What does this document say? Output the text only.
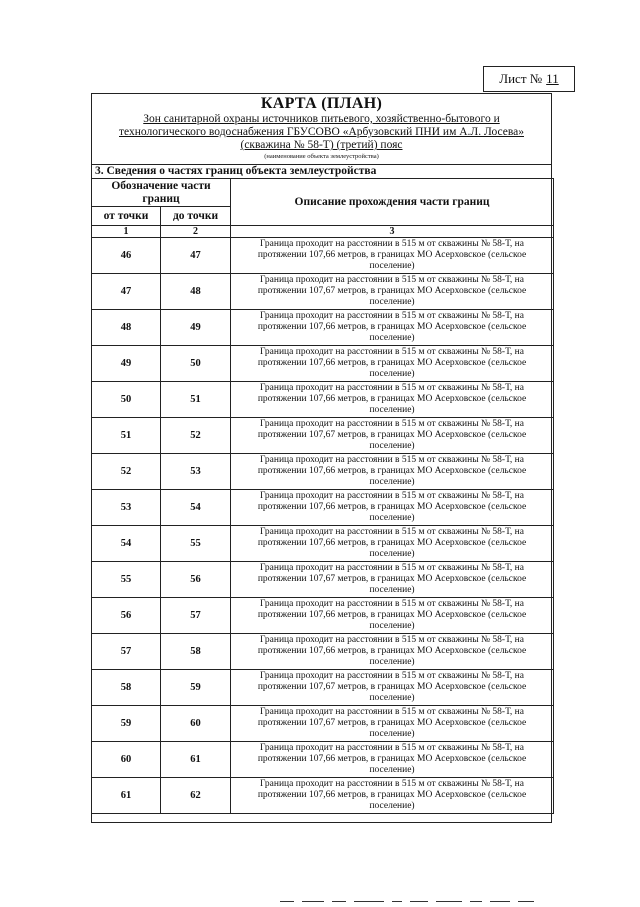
Лист № 11
КАРТА (ПЛАН)
Зон санитарной охраны источников питьевого, хозяйственно-бытового и
технологического водоснабжения ГБУСОВО «Арбузовский ПНИ им А.Л. Лосева»
(скважина № 58-Т) (третий) пояс
(наименование объекта землеустройства)
3. Сведения о частях границ объекта землеустройства
Обозначение части границ		Описание прохождения части границ
от точки	до точки	
1	2	3
46	47	Граница проходит на расстоянии в 515 м от скважины № 58-Т, на протяжении 107,66 метров, в границах МО Асерховское (сельское поселение)
47	48	Граница проходит на расстоянии в 515 м от скважины № 58-Т, на протяжении 107,67 метров, в границах МО Асерховское (сельское поселение)
48	49	Граница проходит на расстоянии в 515 м от скважины № 58-Т, на протяжении 107,66 метров, в границах МО Асерховское (сельское поселение)
49	50	Граница проходит на расстоянии в 515 м от скважины № 58-Т, на протяжении 107,66 метров, в границах МО Асерховское (сельское поселение)
50	51	Граница проходит на расстоянии в 515 м от скважины № 58-Т, на протяжении 107,66 метров, в границах МО Асерховское (сельское поселение)
51	52	Граница проходит на расстоянии в 515 м от скважины № 58-Т, на протяжении 107,67 метров, в границах МО Асерховское (сельское поселение)
52	53	Граница проходит на расстоянии в 515 м от скважины № 58-Т, на протяжении 107,66 метров, в границах МО Асерховское (сельское поселение)
53	54	Граница проходит на расстоянии в 515 м от скважины № 58-Т, на протяжении 107,66 метров, в границах МО Асерховское (сельское поселение)
54	55	Граница проходит на расстоянии в 515 м от скважины № 58-Т, на протяжении 107,66 метров, в границах МО Асерховское (сельское поселение)
55	56	Граница проходит на расстоянии в 515 м от скважины № 58-Т, на протяжении 107,67 метров, в границах МО Асерховское (сельское поселение)
56	57	Граница проходит на расстоянии в 515 м от скважины № 58-Т, на протяжении 107,66 метров, в границах МО Асерховское (сельское поселение)
57	58	Граница проходит на расстоянии в 515 м от скважины № 58-Т, на протяжении 107,66 метров, в границах МО Асерховское (сельское поселение)
58	59	Граница проходит на расстоянии в 515 м от скважины № 58-Т, на протяжении 107,67 метров, в границах МО Асерховское (сельское поселение)
59	60	Граница проходит на расстоянии в 515 м от скважины № 58-Т, на протяжении 107,67 метров, в границах МО Асерховское (сельское поселение)
60	61	Граница проходит на расстоянии в 515 м от скважины № 58-Т, на протяжении 107,66 метров, в границах МО Асерховское (сельское поселение)
61	62	Граница проходит на расстоянии в 515 м от скважины № 58-Т, на протяжении 107,66 метров, в границах МО Асерховское (сельское поселение)
